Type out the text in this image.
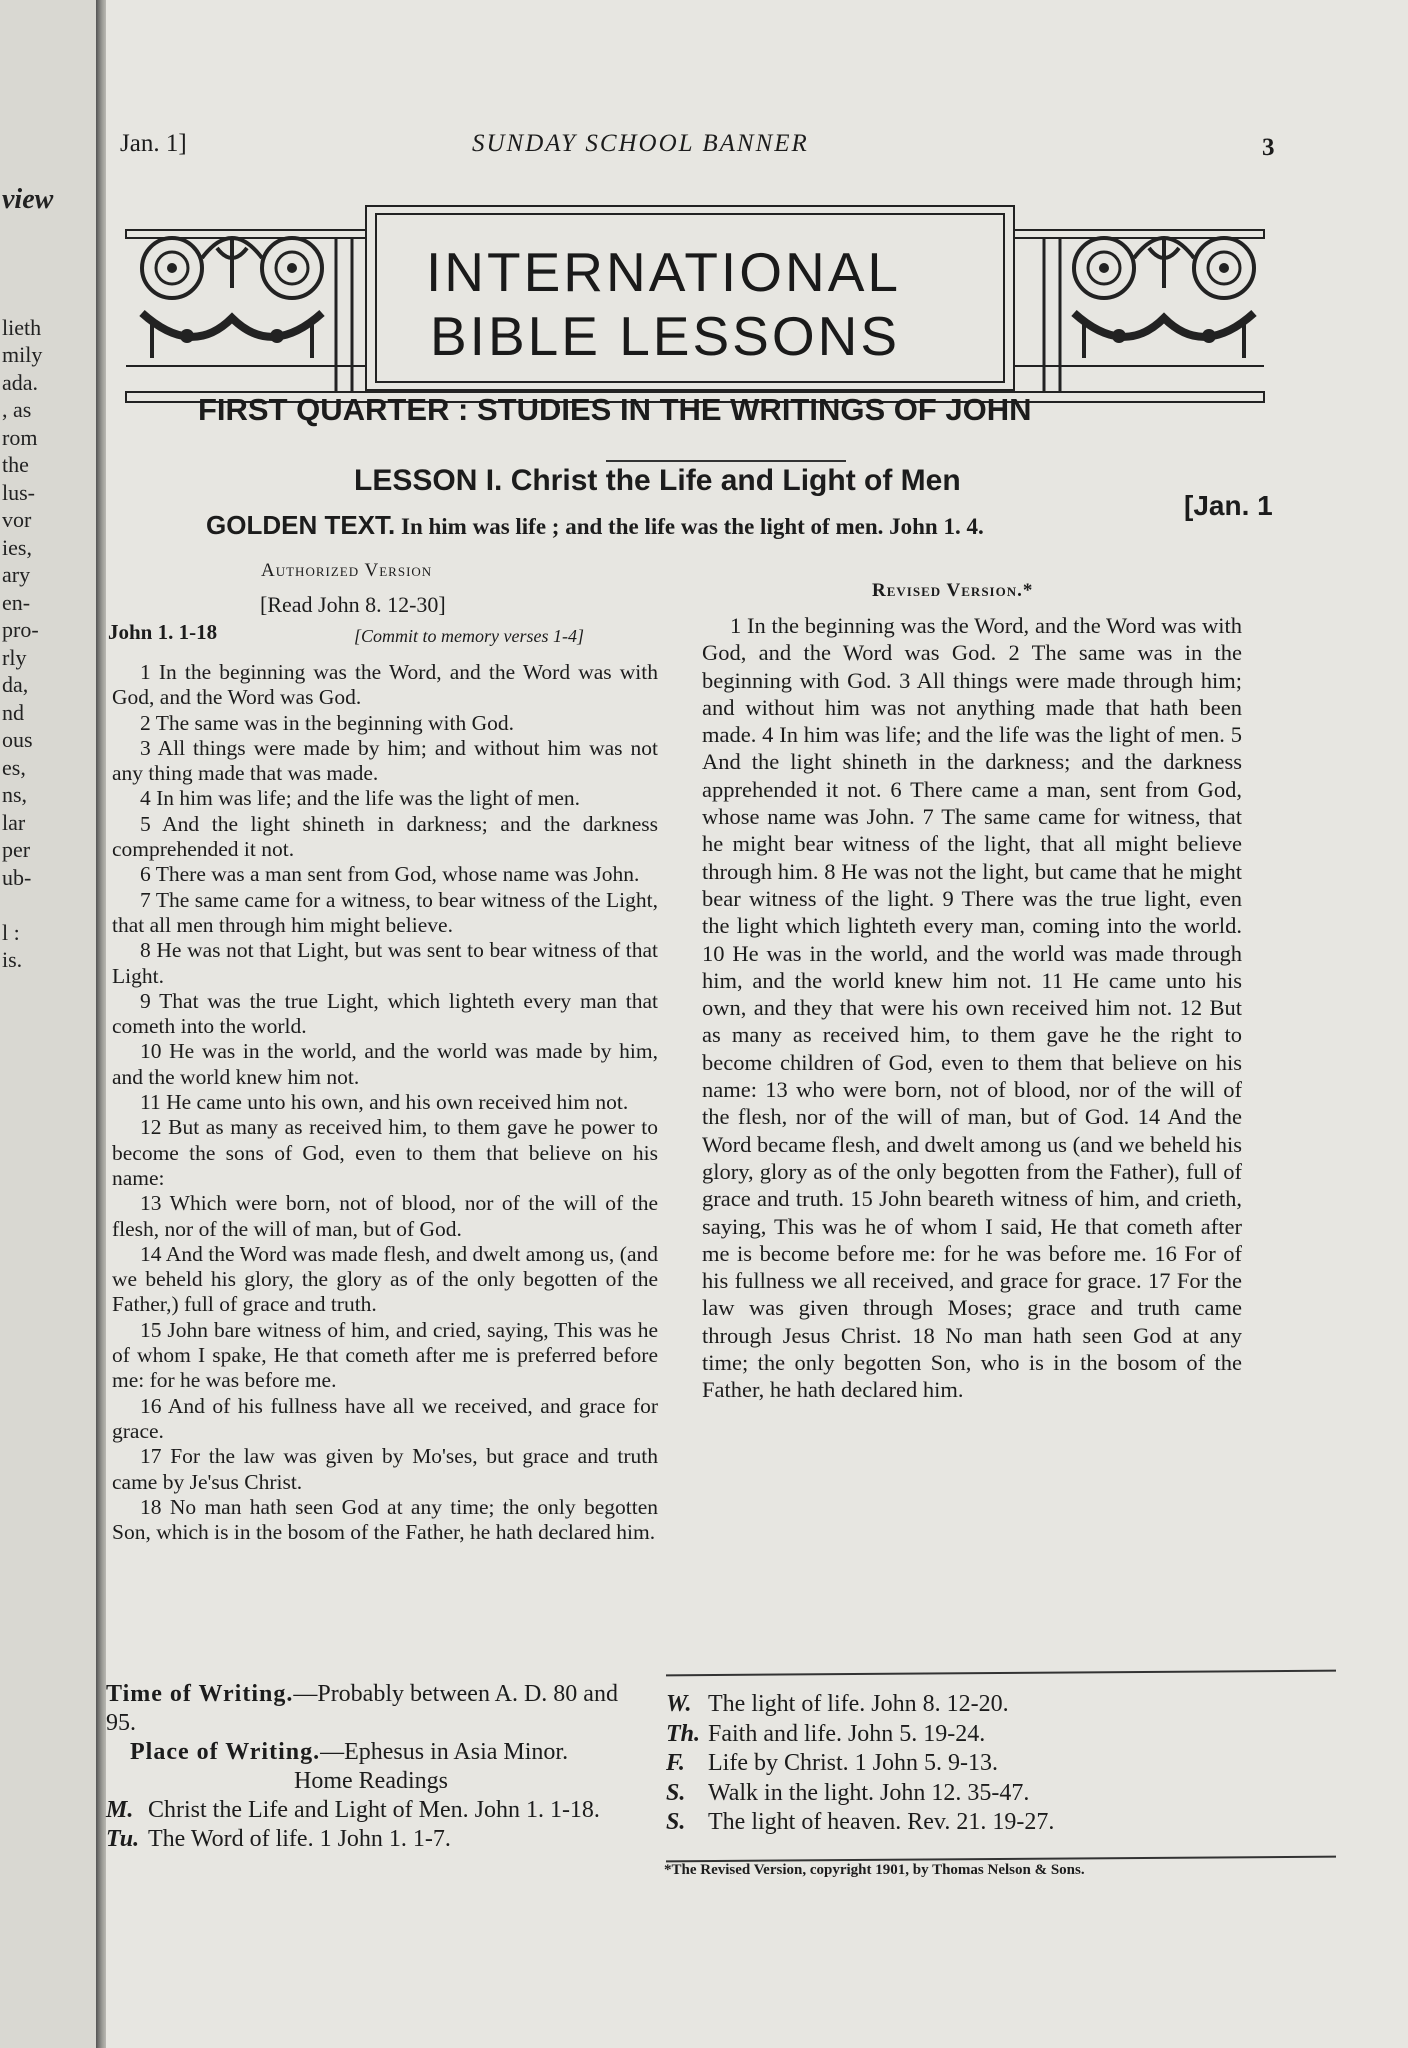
view
lieth
mily
ada.
, as
rom
the
lus-
vor
ies,
ary
en-
pro-
rly
da,
nd
ous
es,
ns,
lar
per
ub-
l :
is.
Jan. 1]	SUNDAY SCHOOL BANNER	3
INTERNATIONAL
BIBLE LESSONS
FIRST QUARTER : STUDIES IN THE WRITINGS OF JOHN
LESSON I. Christ the Life and Light of Men
[Jan. 1
GOLDEN TEXT. In him was life ; and the life was the light of men. John 1. 4.
Authorized Version
[Read John 8. 12-30]
Revised Version.*
John 1. 1-18	[Commit to memory verses 1-4]

1 In the beginning was the Word, and the Word was with God, and the Word was God.

2 The same was in the beginning with God.

3 All things were made by him; and without him was not any thing made that was made.

4 In him was life; and the life was the light of men.

5 And the light shineth in darkness; and the darkness comprehended it not.

6 There was a man sent from God, whose name was John.

7 The same came for a witness, to bear witness of the Light, that all men through him might believe.

8 He was not that Light, but was sent to bear witness of that Light.

9 That was the true Light, which lighteth every man that cometh into the world.

10 He was in the world, and the world was made by him, and the world knew him not.

11 He came unto his own, and his own received him not.

12 But as many as received him, to them gave he power to become the sons of God, even to them that believe on his name:

13 Which were born, not of blood, nor of the will of the flesh, nor of the will of man, but of God.

14 And the Word was made flesh, and dwelt among us, (and we beheld his glory, the glory as of the only begotten of the Father,) full of grace and truth.

15 John bare witness of him, and cried, saying, This was he of whom I spake, He that cometh after me is preferred before me: for he was before me.

16 And of his fullness have all we received, and grace for grace.

17 For the law was given by Mo'ses, but grace and truth came by Je'sus Christ.

18 No man hath seen God at any time; the only begotten Son, which is in the bosom of the Father, he hath declared him.

1 In the beginning was the Word, and the Word was with God, and the Word was God. 2 The same was in the beginning with God. 3 All things were made through him; and without him was not anything made that hath been made. 4 In him was life; and the life was the light of men. 5 And the light shineth in the darkness; and the darkness apprehended it not. 6 There came a man, sent from God, whose name was John. 7 The same came for witness, that he might bear witness of the light, that all might believe through him. 8 He was not the light, but came that he might bear witness of the light. 9 There was the true light, even the light which lighteth every man, coming into the world. 10 He was in the world, and the world was made through him, and the world knew him not. 11 He came unto his own, and they that were his own received him not. 12 But as many as received him, to them gave he the right to become children of God, even to them that believe on his name: 13 who were born, not of blood, nor of the will of the flesh, nor of the will of man, but of God. 14 And the Word became flesh, and dwelt among us (and we beheld his glory, glory as of the only begotten from the Father), full of grace and truth. 15 John beareth witness of him, and crieth, saying, This was he of whom I said, He that cometh after me is become before me: for he was before me. 16 For of his fullness we all received, and grace for grace. 17 For the law was given through Moses; grace and truth came through Jesus Christ. 18 No man hath seen God at any time; the only begotten Son, who is in the bosom of the Father, he hath declared him.

Time of Writing.—Probably between A. D. 80 and 95.
Place of Writing.—Ephesus in Asia Minor.
Home Readings
M. Christ the Life and Light of Men. John 1. 1-18.
Tu. The Word of life. 1 John 1. 1-7.
W. The light of life. John 8. 12-20.
Th. Faith and life. John 5. 19-24.
F. Life by Christ. 1 John 5. 9-13.
S. Walk in the light. John 12. 35-47.
S. The light of heaven. Rev. 21. 19-27.
*The Revised Version, copyright 1901, by Thomas Nelson & Sons.
